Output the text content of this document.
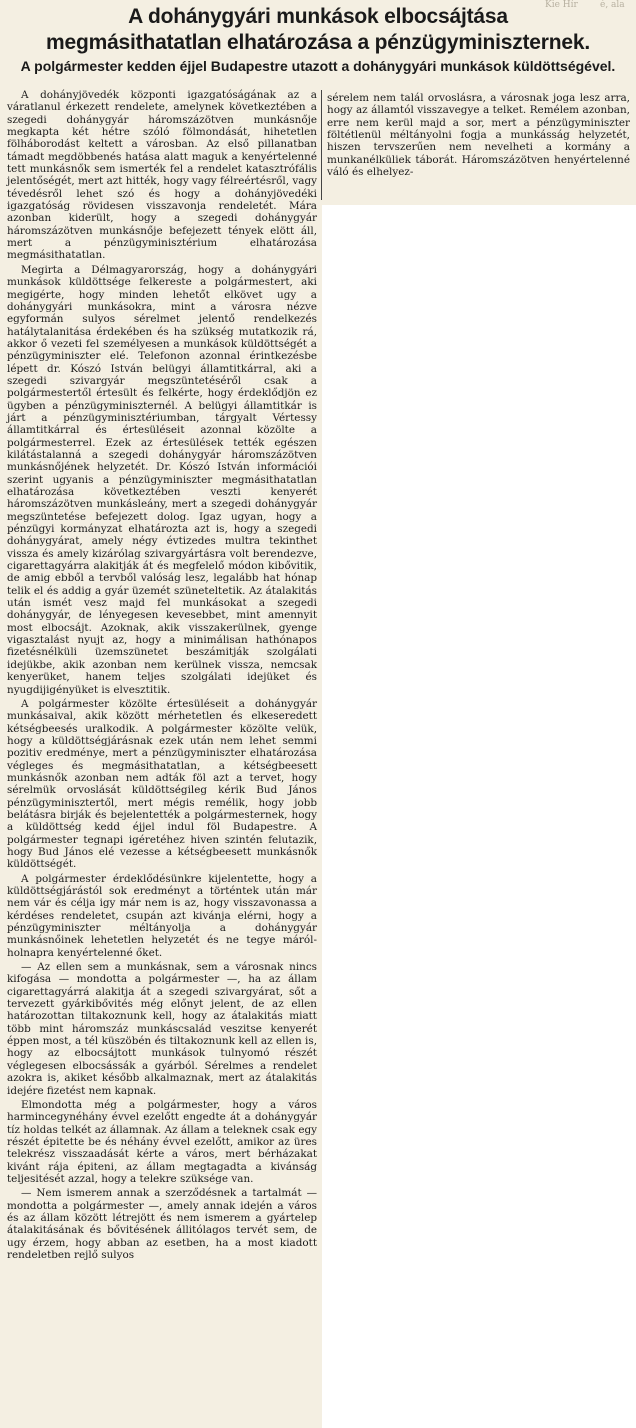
Kie Hír é, ala
A dohánygyári munkások elbocsájtása
megmásithatatlan elhatározása a pénzügyminiszternek.
A polgármester kedden éjjel Budapestre utazott a dohánygyári munkások küldöttségével.

A dohányjövedék központi igazgatóságának az a váratlanul érkezett rendelete, amelynek következtében a szegedi dohánygyár háromszázötven munkásnője megkapta két hétre szóló fölmondását, hihetetlen fölháborodást keltett a városban. Az első pillanatban támadt megdöbbenés hatása alatt maguk a kenyértelenné tett munkásnők sem ismerték fel a rendelet katasztrófális jelentőségét, mert azt hitték, hogy vagy félreértésről, vagy tévedésről lehet szó és hogy a dohányjövedéki igazgatóság rövidesen visszavonja rendeletét. Mára azonban kiderült, hogy a szegedi dohánygyár háromszázötven munkásnője befejezett tények elött áll, mert a pénzügyminisztérium elhatározása megmásithatatlan.

Megirta a Délmagyarország, hogy a dohánygyári munkások küldöttsége felkereste a polgármestert, aki megigérte, hogy minden lehetőt elkövet ugy a dohánygyári munkásokra, mint a városra nézve egyformán sulyos sérelmet jelentő rendelkezés hatálytalanitása érdekében és ha szükség mutatkozik rá, akkor ő vezeti fel személyesen a munkások küldöttségét a pénzügyminiszter elé. Telefonon azonnal érintkezésbe lépett dr. Kószó István belügyi államtitkárral, aki a szegedi szivargyár megszüntetéséről csak a polgármestertől értesült és felkérte, hogy érdeklődjön ez ügyben a pénzügyminiszternél. A belügyi államtitkár is járt a pénzügyminisztériumban, tárgyalt Vértessy államtitkárral és értesüléseit azonnal közölte a polgármesterrel. Ezek az értesülések tették egészen kilátástalanná a szegedi dohánygyár háromszázötven munkásnőjének helyzetét. Dr. Kószó István információi szerint ugyanis a pénzügyminiszter megmásithatatlan elhatározása következtében veszti kenyerét háromszázötven munkásleány, mert a szegedi dohánygyár megszüntetése befejezett dolog. Igaz ugyan, hogy a pénzügyi kormányzat elhatározta azt is, hogy a szegedi dohánygyárat, amely négy évtizedes multra tekinthet vissza és amely kizárólag szivargyártásra volt berendezve, cigarettagyárra alakitják át és megfelelő módon kibővitik, de amig ebből a tervből valóság lesz, legalább hat hónap telik el és addig a gyár üzemét szüneteltetik. Az átalakitás után ismét vesz majd fel munkásokat a szegedi dohánygyár, de lényegesen kevesebbet, mint amennyit most elbocsájt. Azoknak, akik visszakerülnek, gyenge vigasztalást nyujt az, hogy a minimálisan hathónapos fizetésnélküli üzemszünetet beszámitják szolgálati idejükbe, akik azonban nem kerülnek vissza, nemcsak kenyerüket, hanem teljes szolgálati idejüket és nyugdijigényüket is elvesztitik.

A polgármester közölte értesüléseit a dohánygyár munkásaival, akik között mérhetetlen és elkeseredett kétségbeesés uralkodik. A polgármester közölte velük, hogy a küldöttségjárásnak ezek után nem lehet semmi pozitiv eredménye, mert a pénzügyminiszter elhatározása végleges és megmásithatatlan, a kétségbeesett munkásnők azonban nem adták föl azt a tervet, hogy sérelmük orvoslását küldöttségileg kérik Bud János pénzügyminisztertől, mert mégis remélik, hogy jobb belátásra birják és bejelentették a polgármesternek, hogy a küldöttség kedd éjjel indul föl Budapestre. A polgármester tegnapi igéretéhez hiven szintén felutazik, hogy Bud János elé vezesse a kétségbeesett munkásnők küldöttségét.

A polgármester érdeklődésünkre kijelentette, hogy a küldöttségjárástól sok eredményt a történtek után már nem vár és célja igy már nem is az, hogy visszavonassa a kérdéses rendeletet, csupán azt kivánja elérni, hogy a pénzügyminiszter méltányolja a dohánygyár munkásnőinek lehetetlen helyzetét és ne tegye máról-holnapra kenyértelenné őket.

— Az ellen sem a munkásnak, sem a városnak nincs kifogása — mondotta a polgármester —, ha az állam cigarettagyárrá alakitja át a szegedi szivargyárat, sőt a tervezett gyárkibővités még előnyt jelent, de az ellen határozottan tiltakoznunk kell, hogy az átalakitás miatt több mint háromszáz munkáscsalád veszitse kenyerét éppen most, a tél küszöbén és tiltakoznunk kell az ellen is, hogy az elbocsájtott munkások tulnyomó részét véglegesen elbocsássák a gyárból. Sérelmes a rendelet azokra is, akiket később alkalmaznak, mert az átalakitás idejére fizetést nem kapnak.

Elmondotta még a polgármester, hogy a város harmincegynéhány évvel ezelőtt engedte át a dohánygyár tíz holdas telkét az államnak. Az állam a teleknek csak egy részét épitette be és néhány évvel ezelőtt, amikor az üres telekrész visszaadását kérte a város, mert bérházakat kivánt rája épiteni, az állam megtagadta a kivánság teljesitését azzal, hogy a telekre szüksége van.

— Nem ismerem annak a szerződésnek a tartalmát — mondotta a polgármester —, amely annak idején a város és az állam között létrejött és nem ismerem a gyártelep átalakitásának és bővitésének állitólagos tervét sem, de ugy érzem, hogy abban az esetben, ha a most kiadott rendeletben rejlő sulyos

sérelem nem talál orvoslásra, a városnak joga lesz arra, hogy az államtól visszavegye a telket. Remélem azonban, erre nem kerül majd a sor, mert a pénzügyminiszter föltétlenül méltányolni fogja a munkásság helyzetét, hiszen tervszerűen nem nevelheti a kormány a munkanélküliek táborát. Háromszázötven henyértelenné váló és elhelyez-
